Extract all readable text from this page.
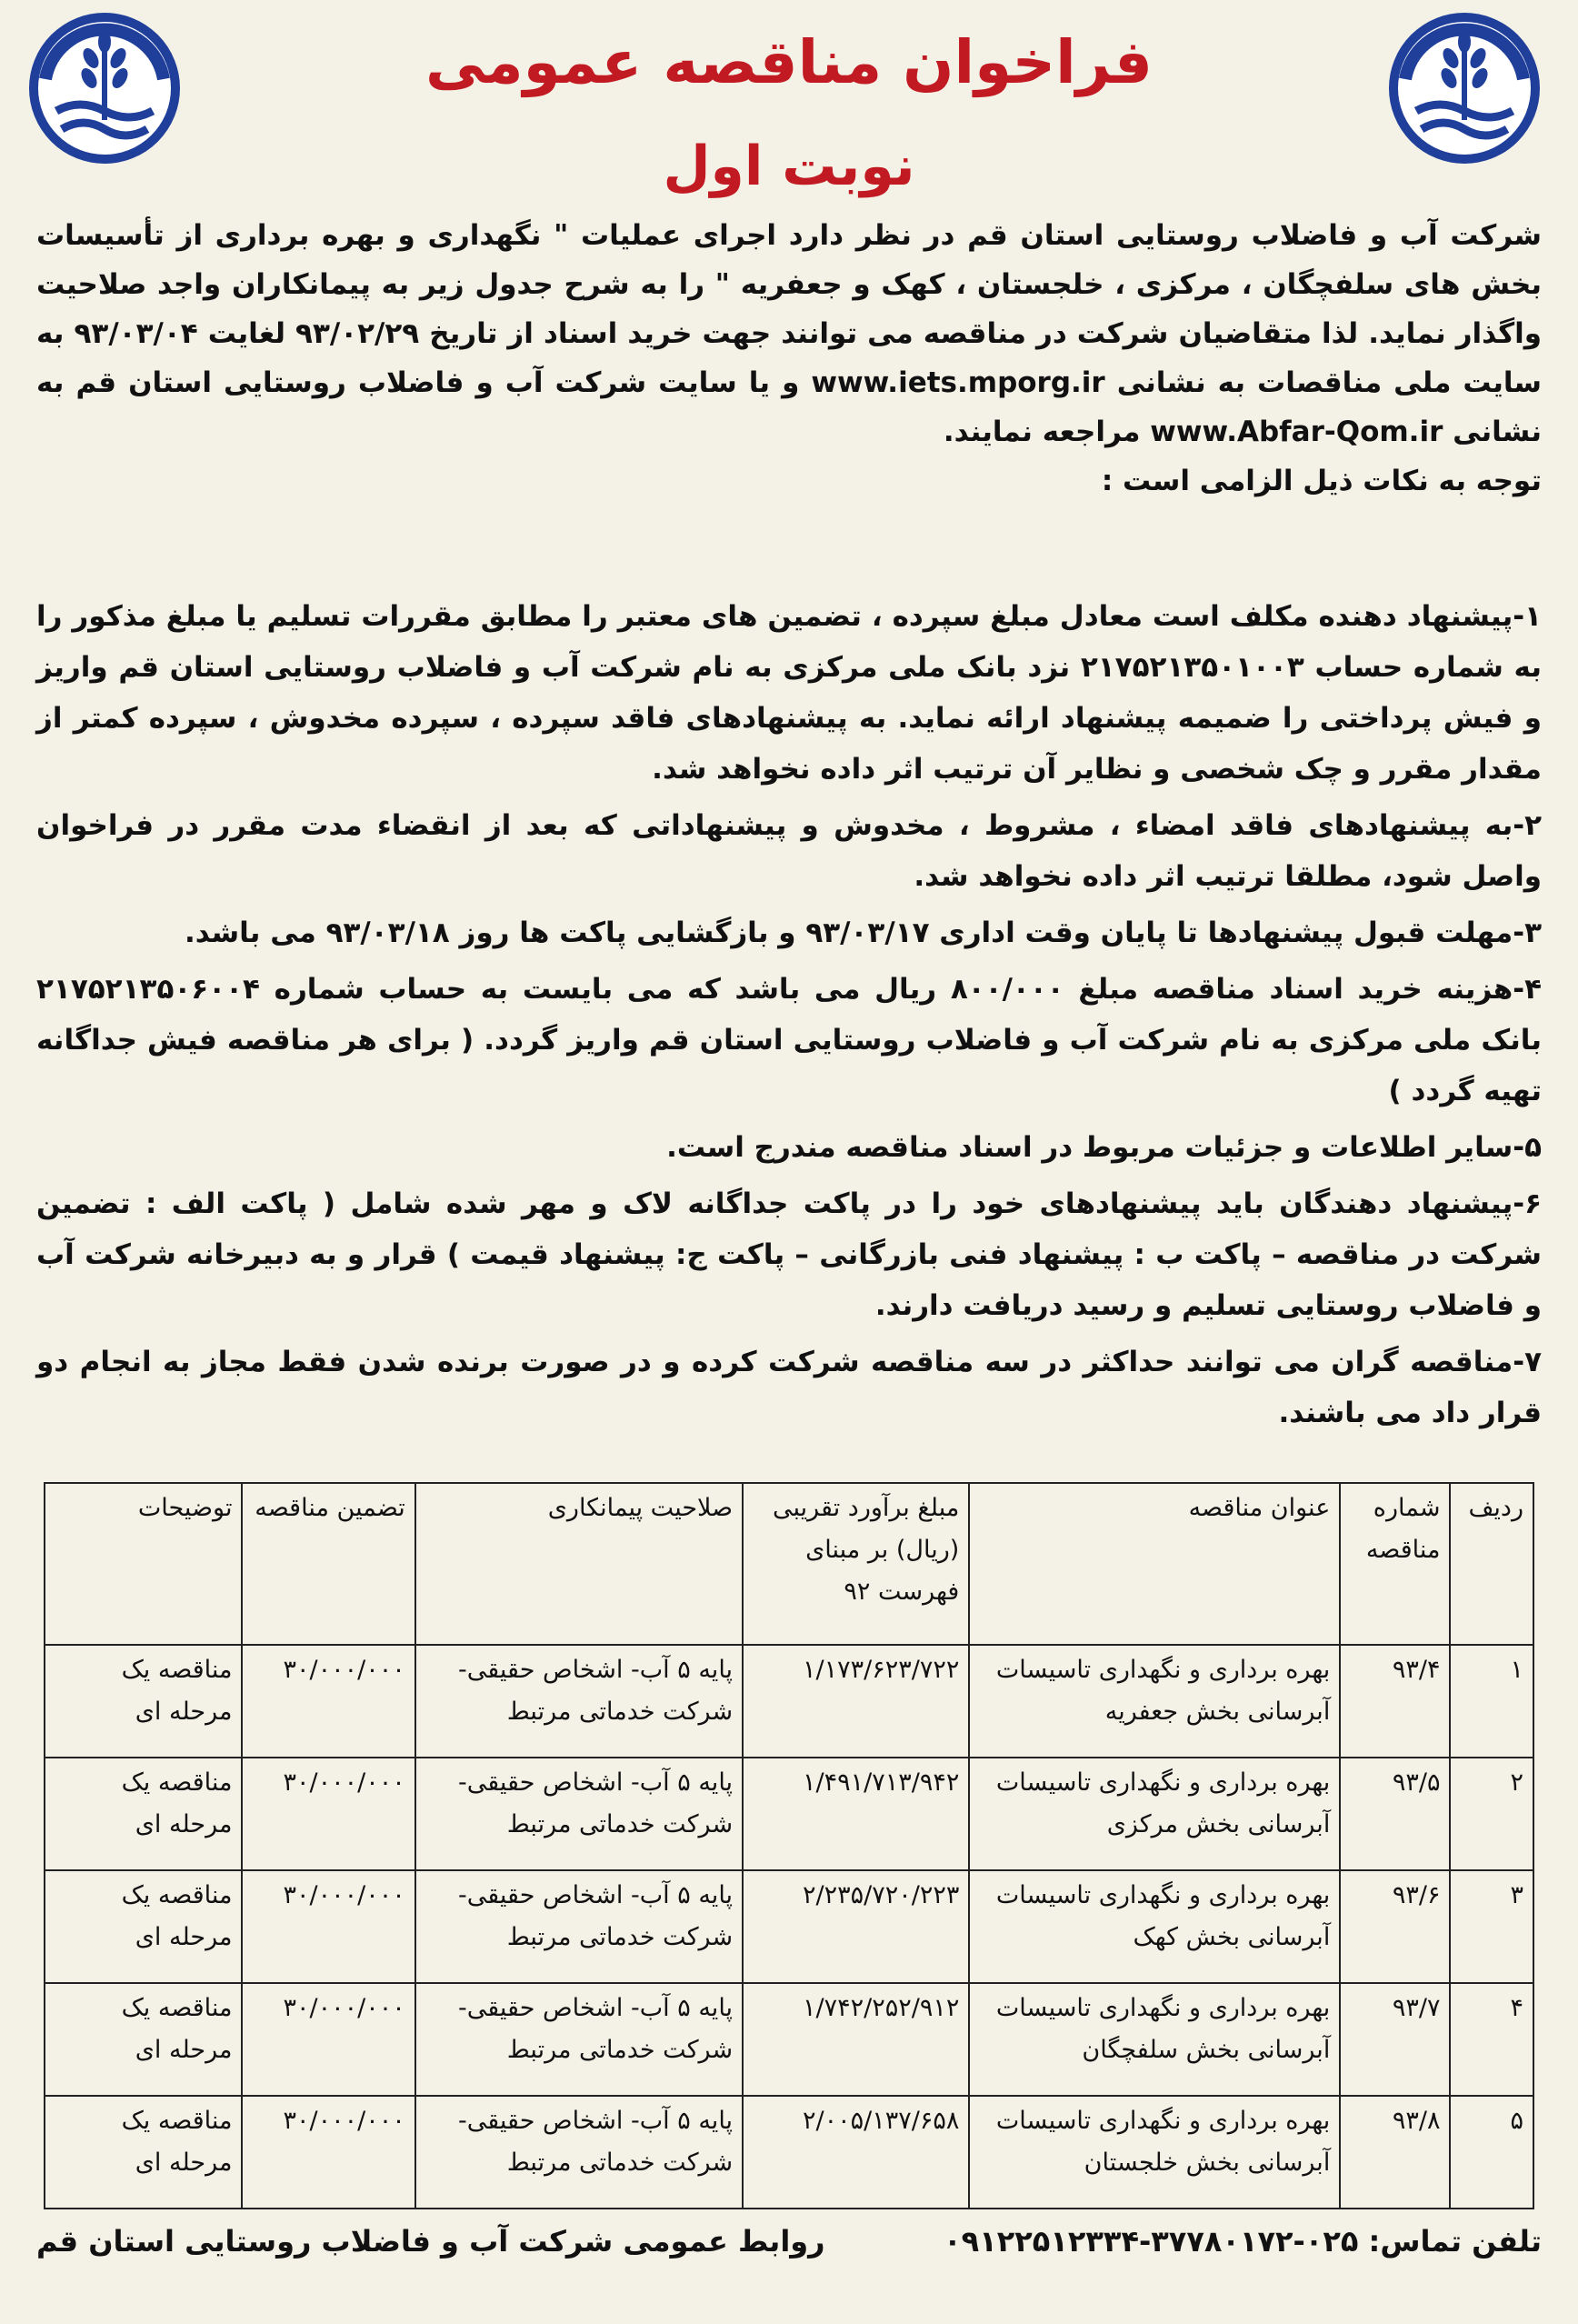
فراخوان مناقصه عمومی
نوبت اول

شرکت آب و فاضلاب روستایی استان قم در نظر دارد اجرای عملیات " نگهداری و بهره برداری از تأسیسات بخش های سلفچگان ، مرکزی ، خلجستان ، کهک و جعفریه " را به شرح جدول زیر به پیمانکاران واجد صلاحیت واگذار نماید. لذا متقاضیان شرکت در مناقصه می توانند جهت خرید اسناد از تاریخ ۹۳/۰۲/۲۹ لغایت ۹۳/۰۳/۰۴ به سایت ملی مناقصات به نشانی www.iets.mporg.ir و یا سایت شرکت آب و فاضلاب روستایی استان قم به نشانی www.Abfar-Qom.ir مراجعه نمایند.

توجه به نکات ذیل الزامی است :

۱-پیشنهاد دهنده مکلف است معادل مبلغ سپرده ، تضمین های معتبر را مطابق مقررات تسلیم یا مبلغ مذکور را به شماره حساب ۲۱۷۵۲۱۳۵۰۱۰۰۳ نزد بانک ملی مرکزی به نام شرکت آب و فاضلاب روستایی استان قم واریز و فیش پرداختی را ضمیمه پیشنهاد ارائه نماید. به پیشنهادهای فاقد سپرده ، سپرده مخدوش ، سپرده کمتر از مقدار مقرر و چک شخصی و نظایر آن ترتیب اثر داده نخواهد شد.

۲-به پیشنهادهای فاقد امضاء ، مشروط ، مخدوش و پیشنهاداتی که بعد از انقضاء مدت مقرر در فراخوان واصل شود، مطلقا ترتیب اثر داده نخواهد شد.

۳-مهلت قبول پیشنهادها تا پایان وقت اداری ۹۳/۰۳/۱۷ و بازگشایی پاکت ها روز ۹۳/۰۳/۱۸ می باشد.

۴-هزینه خرید اسناد مناقصه مبلغ ۸۰۰/۰۰۰ ریال می باشد که می بایست به حساب شماره ۲۱۷۵۲۱۳۵۰۶۰۰۴ بانک ملی مرکزی به نام شرکت آب و فاضلاب روستایی استان قم واریز گردد. ( برای هر مناقصه فیش جداگانه تهیه گردد )

۵-سایر اطلاعات و جزئیات مربوط در اسناد مناقصه مندرج است.

۶-پیشنهاد دهندگان باید پیشنهادهای خود را در پاکت جداگانه لاک و مهر شده شامل ( پاکت الف : تضمین شرکت در مناقصه – پاکت ب : پیشنهاد فنی بازرگانی – پاکت ج: پیشنهاد قیمت ) قرار و به دبیرخانه شرکت آب و فاضلاب روستایی تسلیم و رسید دریافت دارند.

۷-مناقصه گران می توانند حداکثر در سه مناقصه شرکت کرده و در صورت برنده شدن فقط مجاز به انجام دو قرار داد می باشند.

ردیف	شماره مناقصه	عنوان مناقصه	مبلغ برآورد تقریبی (ریال) بر مبنای فهرست ۹۲	صلاحیت پیمانکاری	تضمین مناقصه	توضیحات
۱	۹۳/۴	بهره برداری و نگهداری تاسیسات آبرسانی بخش جعفریه	۱/۱۷۳/۶۲۳/۷۲۲	پایه ۵ آب- اشخاص حقیقی- شرکت خدماتی مرتبط	۳۰/۰۰۰/۰۰۰	مناقصه یک مرحله ای
۲	۹۳/۵	بهره برداری و نگهداری تاسیسات آبرسانی بخش مرکزی	۱/۴۹۱/۷۱۳/۹۴۲	پایه ۵ آب- اشخاص حقیقی- شرکت خدماتی مرتبط	۳۰/۰۰۰/۰۰۰	مناقصه یک مرحله ای
۳	۹۳/۶	بهره برداری و نگهداری تاسیسات آبرسانی بخش کهک	۲/۲۳۵/۷۲۰/۲۲۳	پایه ۵ آب- اشخاص حقیقی- شرکت خدماتی مرتبط	۳۰/۰۰۰/۰۰۰	مناقصه یک مرحله ای
۴	۹۳/۷	بهره برداری و نگهداری تاسیسات آبرسانی بخش سلفچگان	۱/۷۴۲/۲۵۲/۹۱۲	پایه ۵ آب- اشخاص حقیقی- شرکت خدماتی مرتبط	۳۰/۰۰۰/۰۰۰	مناقصه یک مرحله ای
۵	۹۳/۸	بهره برداری و نگهداری تاسیسات آبرسانی بخش خلجستان	۲/۰۰۵/۱۳۷/۶۵۸	پایه ۵ آب- اشخاص حقیقی- شرکت خدماتی مرتبط	۳۰/۰۰۰/۰۰۰	مناقصه یک مرحله ای
تلفن تماس: ۰۲۵-۳۷۷۸۰۱۷۲-۰۹۱۲۲۵۱۲۳۳۴
روابط عمومی شرکت آب و فاضلاب روستایی استان قم
